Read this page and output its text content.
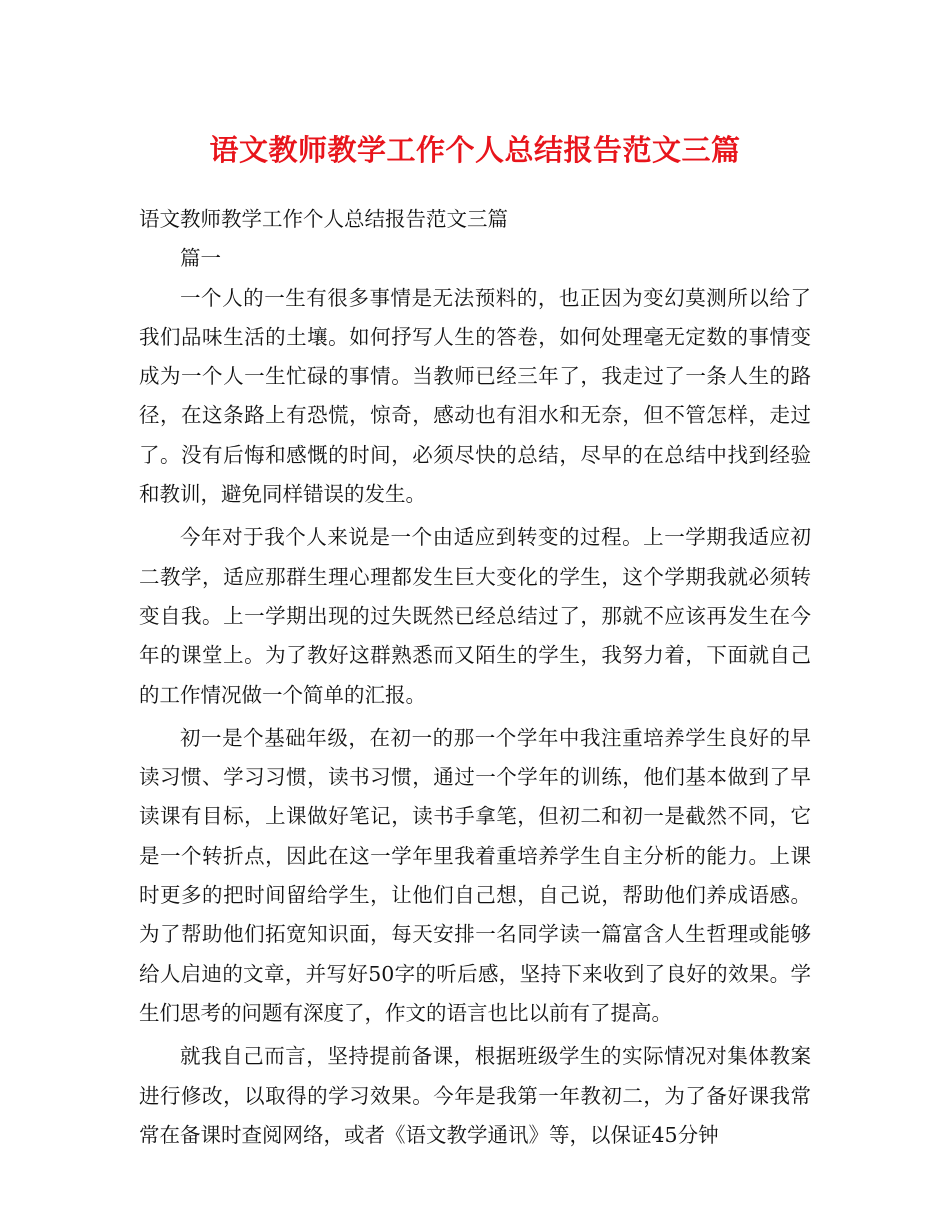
语文教师教学工作个人总结报告范文三篇

语文教师教学工作个人总结报告范文三篇

篇一

一个人的一生有很多事情是无法预料的，也正因为变幻莫测所以给了我们品味生活的土壤。如何抒写人生的答卷，如何处理毫无定数的事情变成为一个人一生忙碌的事情。当教师已经三年了，我走过了一条人生的路径，在这条路上有恐慌，惊奇，感动也有泪水和无奈，但不管怎样，走过了。没有后悔和感慨的时间，必须尽快的总结，尽早的在总结中找到经验和教训，避免同样错误的发生。

今年对于我个人来说是一个由适应到转变的过程。上一学期我适应初二教学，适应那群生理心理都发生巨大变化的学生，这个学期我就必须转变自我。上一学期出现的过失既然已经总结过了，那就不应该再发生在今年的课堂上。为了教好这群熟悉而又陌生的学生，我努力着，下面就自己的工作情况做一个简单的汇报。

初一是个基础年级，在初一的那一个学年中我注重培养学生良好的早读习惯、学习习惯，读书习惯，通过一个学年的训练，他们基本做到了早读课有目标，上课做好笔记，读书手拿笔，但初二和初一是截然不同，它是一个转折点，因此在这一学年里我着重培养学生自主分析的能力。上课时更多的把时间留给学生，让他们自己想，自己说，帮助他们养成语感。为了帮助他们拓宽知识面，每天安排一名同学读一篇富含人生哲理或能够给人启迪的文章，并写好50字的听后感，坚持下来收到了良好的效果。学生们思考的问题有深度了，作文的语言也比以前有了提高。

就我自己而言，坚持提前备课，根据班级学生的实际情况对集体教案进行修改，以取得的学习效果。今年是我第一年教初二，为了备好课我常常在备课时查阅网络，或者《语文教学通讯》等，以保证45分钟
